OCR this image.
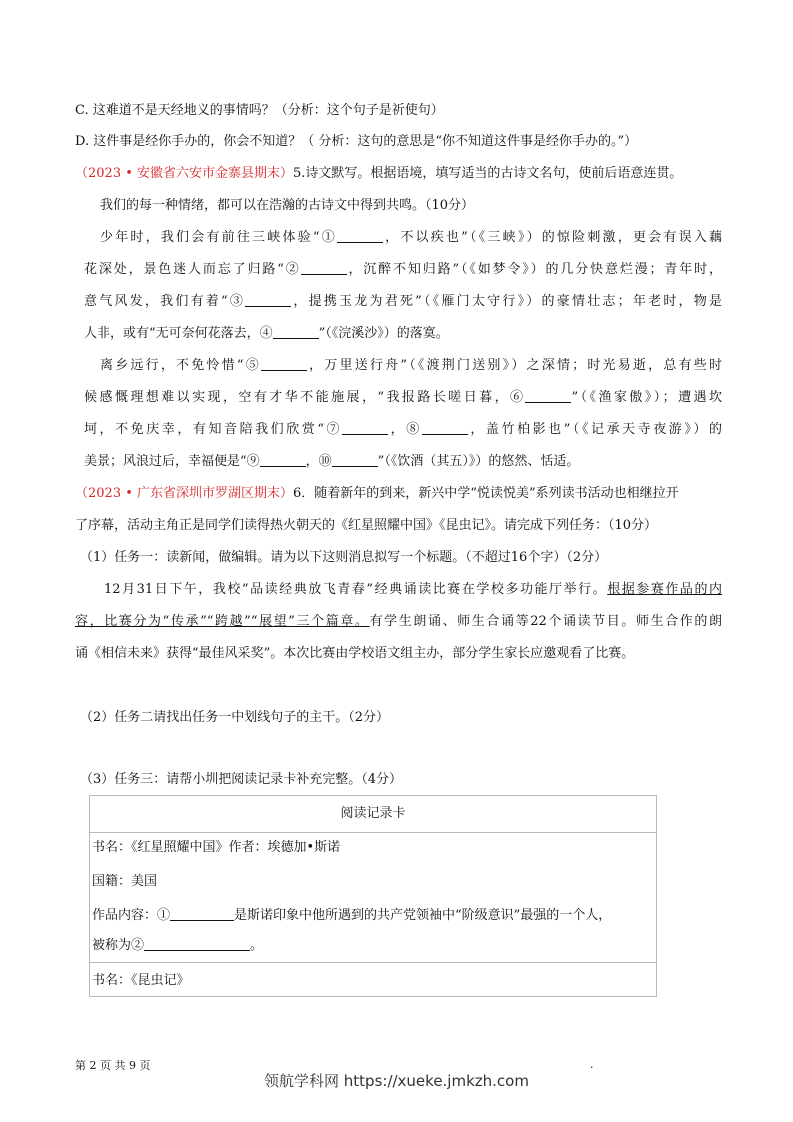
C. 这难道不是天经地义的事情吗？（分析：这个句子是祈使句）
D. 这件事是经你手办的，你会不知道？（ 分析：这句的意思是“你不知道这件事是经你手办的。”）
（2023 • 安徽省六安市金寨县期末）5.诗文默写。根据语境，填写适当的古诗文名句，使前后语意连贯。
我们的每一种情绪，都可以在浩瀚的古诗文中得到共鸣。（10分）
少年时，我们会有前往三峡体验“①	，不以疾也”（《三峡》）的惊险刺激，更会有误入藕
花深处，景色迷人而忘了归路“②	，沉醉不知归路”（《如梦令》）的几分快意烂漫；青年时，
意气风发，我们有着“③	，提携玉龙为君死”（《雁门太守行》）的豪情壮志；年老时，物是
人非，或有“无可奈何花落去，④	”（《浣溪沙》）的落寞。
离乡远行，不免怜惜“⑤	，万里送行舟”（《渡荆门送别》）之深情；时光易逝，总有些时
候感慨理想难以实现，空有才华不能施展，“我报路长嗟日暮，⑥	”（《渔家傲》）；遭遇坎
坷，不免庆幸，有知音陪我们欣赏“⑦	，⑧	，盖竹柏影也”（《记承天寺夜游》）的
美景；风浪过后，幸福便是“⑨	，⑩	”（《饮酒（其五）》）的悠然、恬适。
（2023 • 广东省深圳市罗湖区期末）6．随着新年的到来，新兴中学“悦读悦美”系列读书活动也相继拉开
了序幕，活动主角正是同学们读得热火朝天的《红星照耀中国》《昆虫记》。请完成下列任务：（10分）
（1）任务一：读新闻，做编辑。请为以下这则消息拟写一个标题。（不超过16个字）（2分）
12月31日下午，我校“品读经典放飞青春”经典诵读比赛在学校多功能厅举行。根据参赛作品的内
容，比赛分为“传承”“跨越”“展望”三个篇章。有学生朗诵、师生合诵等22个诵读节目。师生合作的朗
诵《相信未来》获得“最佳风采奖”。本次比赛由学校语文组主办，部分学生家长应邀观看了比赛。
（2）任务二请找出任务一中划线句子的主干。（2分）
（3）任务三：请帮小圳把阅读记录卡补充完整。（4分）
阅读记录卡
书名：《红星照耀中国》作者：埃德加•斯诺
国籍：美国
作品内容：①	是斯诺印象中他所遇到的共产党领袖中“阶级意识”最强的一个人，
被称为②	。
书名：《昆虫记》
第 2 页 共 9 页	.
领航学科网 https://xueke.jmkzh.com
